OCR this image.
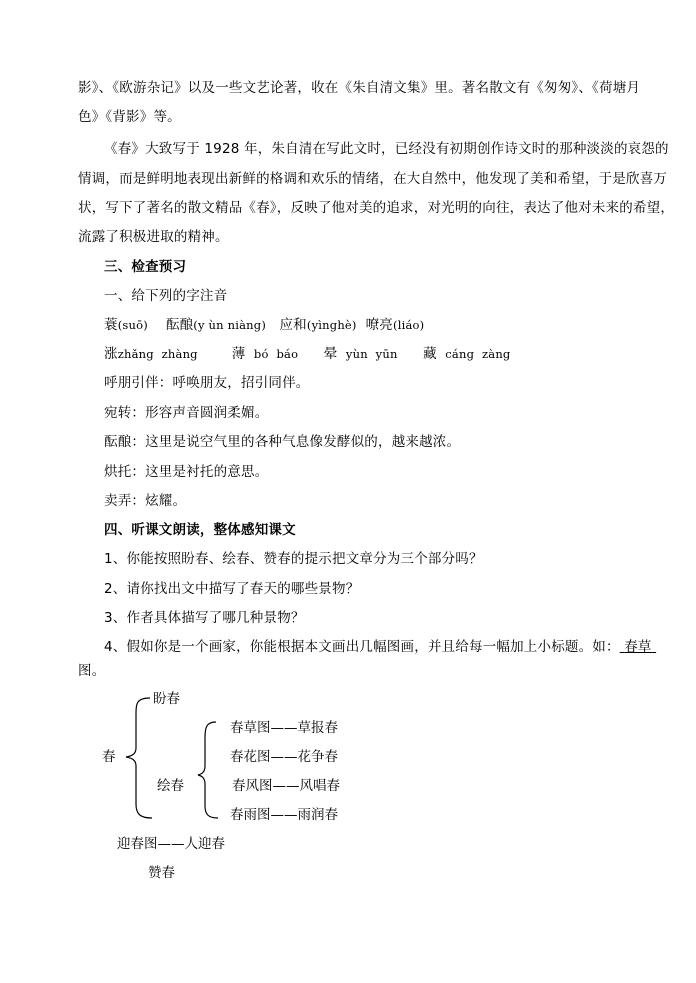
影》、《欧游杂记》以及一些文艺论著，收在《朱自清文集》里。著名散文有《匆匆》、《荷塘月
色》《背影》等。
《春》大致写于 1928 年，朱自清在写此文时，已经没有初期创作诗文时的那种淡淡的哀怨的
情调，而是鲜明地表现出新鲜的格调和欢乐的情绪，在大自然中，他发现了美和希望，于是欣喜万
状，写下了著名的散文精品《春》，反映了他对美的追求，对光明的向往，表达了他对未来的希望，
流露了积极进取的精神。
三、检查预习
一、给下列的字注音
蓑(suō) 酝酿(y ùn niàng) 应和(yìnghè) 嘹亮(liáo)
涨zhǎng zhàng	薄 bó báo 晕 yùn yūn 藏 cáng zàng
呼朋引伴：呼唤朋友，招引同伴。
宛转：形容声音圆润柔媚。
酝酿：这里是说空气里的各种气息像发酵似的，越来越浓。
烘托：这里是衬托的意思。
卖弄：炫耀。
四、听课文朗读，整体感知课文
1、你能按照盼春、绘春、赞春的提示把文章分为三个部分吗？
2、请你找出文中描写了春天的哪些景物？
3、作者具体描写了哪几种景物？
4、假如你是一个画家，你能根据本文画出几幅图画，并且给每一幅加上小标题。如： 春草
图。
盼春
春
绘春
春草图——草报春
春花图——花争春
春风图——风唱春
春雨图——雨润春
迎春图——人迎春
赞春
